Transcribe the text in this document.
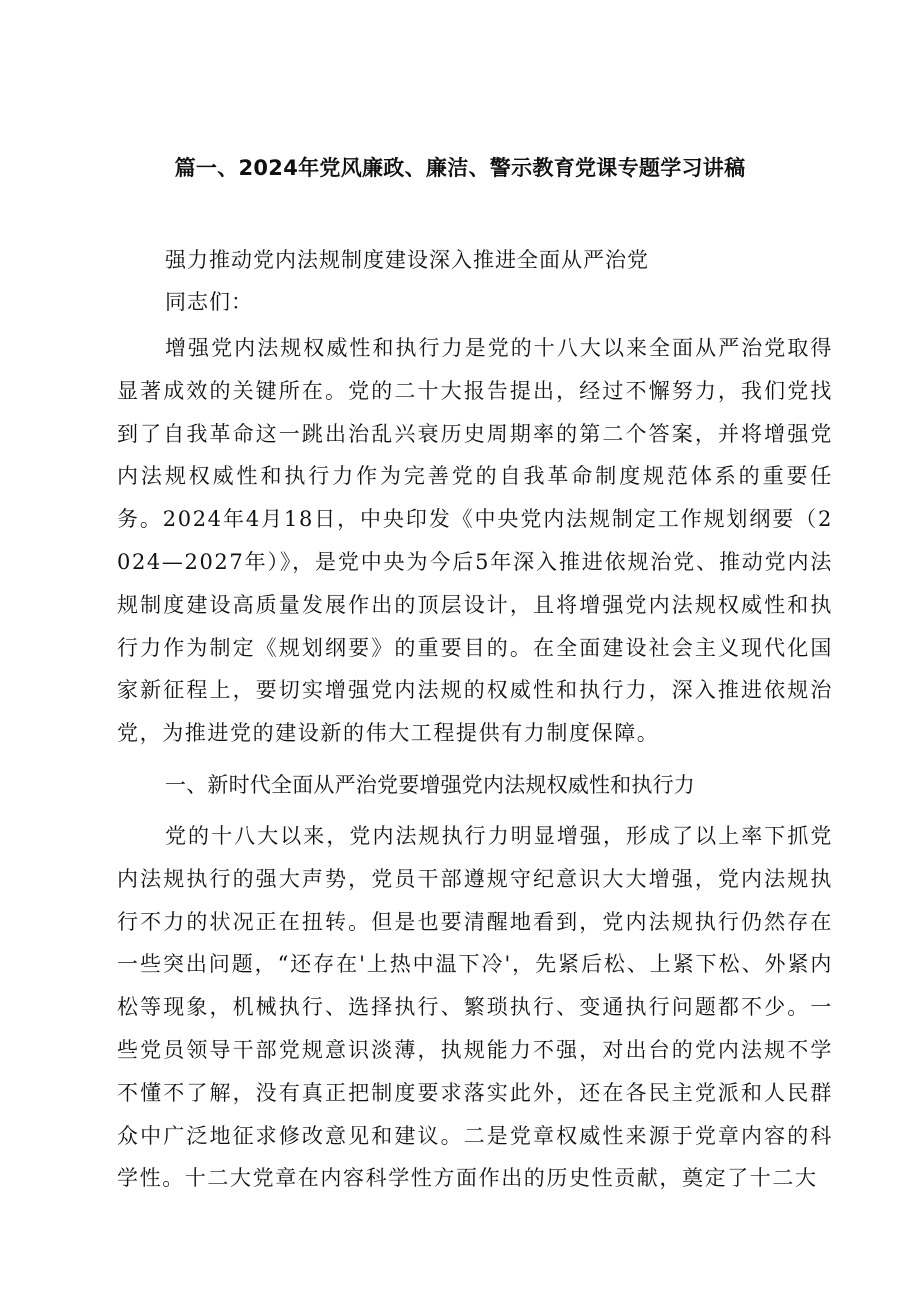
篇一、2024年党风廉政、廉洁、警示教育党课专题学习讲稿
强力推动党内法规制度建设深入推进全面从严治党
同志们：

增强党内法规权威性和执行力是党的十八大以来全面从严治党取得显著成效的关键所在。党的二十大报告提出，经过不懈努力，我们党找到了自我革命这一跳出治乱兴衰历史周期率的第二个答案，并将增强党内法规权威性和执行力作为完善党的自我革命制度规范体系的重要任务。2024年4月18日，中央印发《中央党内法规制定工作规划纲要（2024—2027年）》，是党中央为今后5年深入推进依规治党、推动党内法规制度建设高质量发展作出的顶层设计，且将增强党内法规权威性和执行力作为制定《规划纲要》的重要目的。在全面建设社会主义现代化国家新征程上，要切实增强党内法规的权威性和执行力，深入推进依规治党，为推进党的建设新的伟大工程提供有力制度保障。

一、新时代全面从严治党要增强党内法规权威性和执行力

党的十八大以来，党内法规执行力明显增强，形成了以上率下抓党内法规执行的强大声势，党员干部遵规守纪意识大大增强，党内法规执行不力的状况正在扭转。但是也要清醒地看到，党内法规执行仍然存在一些突出问题，“还存在'上热中温下冷'，先紧后松、上紧下松、外紧内松等现象，机械执行、选择执行、繁琐执行、变通执行问题都不少。一些党员领导干部党规意识淡薄，执规能力不强，对出台的党内法规不学不懂不了解，没有真正把制度要求落实此外，还在各民主党派和人民群众中广泛地征求修改意见和建议。二是党章权威性来源于党章内容的科学性。十二大党章在内容科学性方面作出的历史性贡献，奠定了十二大
